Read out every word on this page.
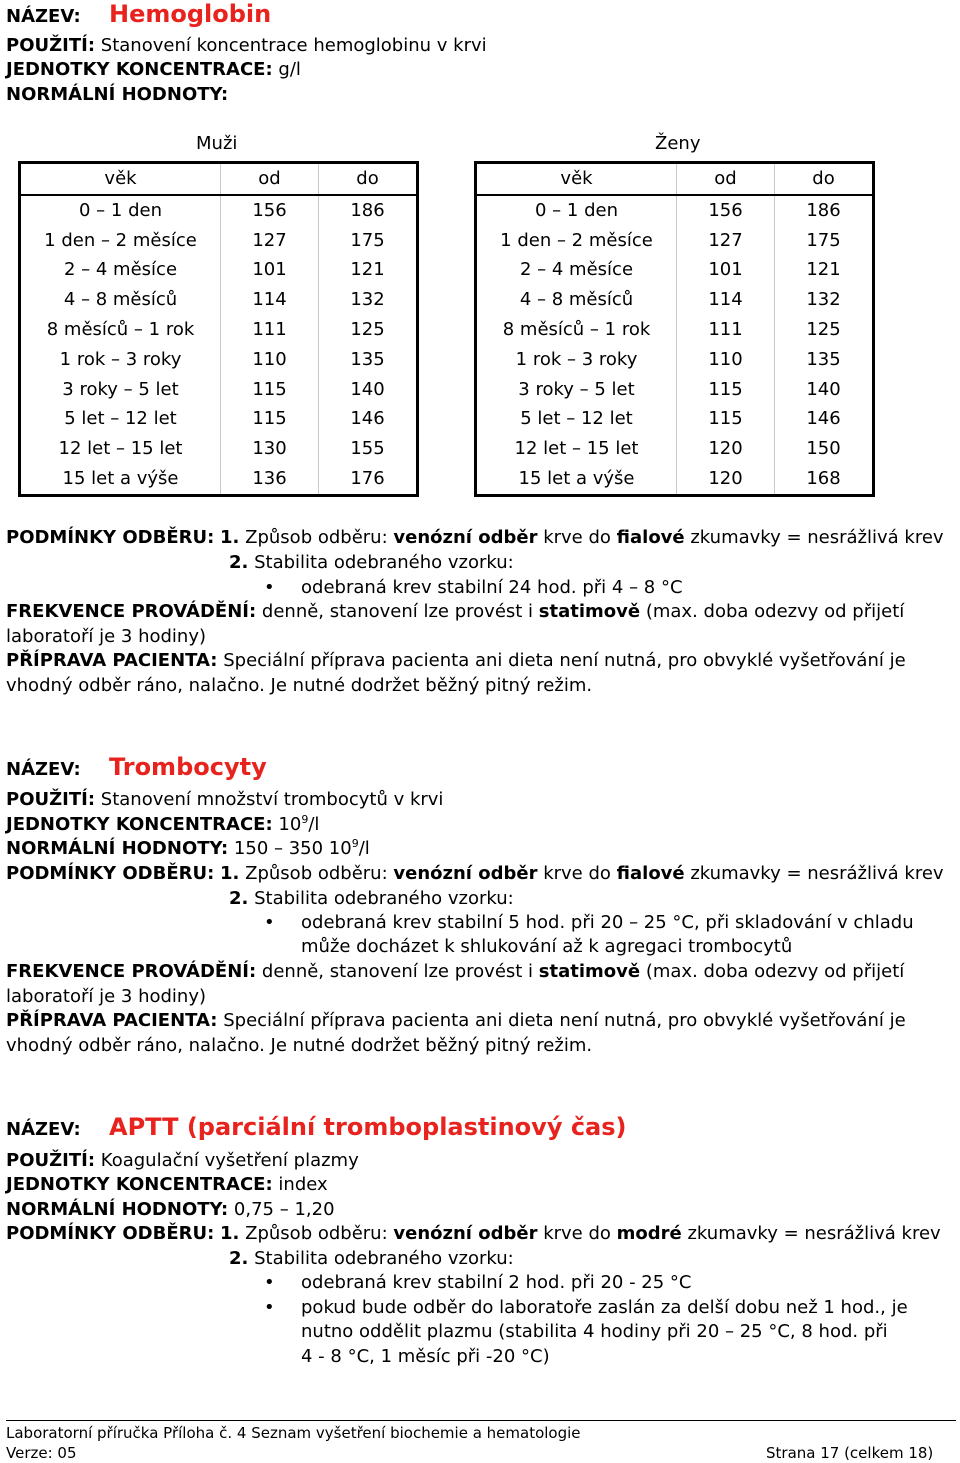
NÁZEV: Hemoglobin
POUŽITÍ: Stanovení koncentrace hemoglobinu v krvi
JEDNOTKY KONCENTRACE: g/l
NORMÁLNÍ HODNOTY:
Muži	Ženy
věk	od	do
0 – 1 den	156	186
1 den – 2 měsíce	127	175
2 – 4 měsíce	101	121
4 – 8 měsíců	114	132
8 měsíců – 1 rok	111	125
1 rok – 3 roky	110	135
3 roky – 5 let	115	140
5 let – 12 let	115	146
12 let – 15 let	130	155
15 let a výše	136	176
věk	od	do
0 – 1 den	156	186
1 den – 2 měsíce	127	175
2 – 4 měsíce	101	121
4 – 8 měsíců	114	132
8 měsíců – 1 rok	111	125
1 rok – 3 roky	110	135
3 roky – 5 let	115	140
5 let – 12 let	115	146
12 let – 15 let	120	150
15 let a výše	120	168
PODMÍNKY ODBĚRU: 1. Způsob odběru: venózní odběr krve do fialové zkumavky = nesrážlivá krev
2. Stabilita odebraného vzorku:
• odebraná krev stabilní 24 hod. při 4 – 8 °C
FREKVENCE PROVÁDĚNÍ: denně, stanovení lze provést i statimově (max. doba odezvy od přijetí
laboratoří je 3 hodiny)
PŘÍPRAVA PACIENTA: Speciální příprava pacienta ani dieta není nutná, pro obvyklé vyšetřování je
vhodný odběr ráno, nalačno. Je nutné dodržet běžný pitný režim.
NÁZEV: Trombocyty
POUŽITÍ: Stanovení množství trombocytů v krvi
JEDNOTKY KONCENTRACE: $10^9/l$
NORMÁLNÍ HODNOTY: 150 – 350 $10^9/l$
PODMÍNKY ODBĚRU: 1. Způsob odběru: venózní odběr krve do fialové zkumavky = nesrážlivá krev
2. Stabilita odebraného vzorku:
• odebraná krev stabilní 5 hod. při 20 – 25 °C, při skladování v chladu
může docházet k shlukování až k agregaci trombocytů
FREKVENCE PROVÁDĚNÍ: denně, stanovení lze provést i statimově (max. doba odezvy od přijetí
laboratoří je 3 hodiny)
PŘÍPRAVA PACIENTA: Speciální příprava pacienta ani dieta není nutná, pro obvyklé vyšetřování je
vhodný odběr ráno, nalačno. Je nutné dodržet běžný pitný režim.
NÁZEV: APTT (parciální tromboplastinový čas)
POUŽITÍ: Koagulační vyšetření plazmy
JEDNOTKY KONCENTRACE: index
NORMÁLNÍ HODNOTY: 0,75 – 1,20
PODMÍNKY ODBĚRU: 1. Způsob odběru: venózní odběr krve do modré zkumavky = nesrážlivá krev
2. Stabilita odebraného vzorku:
• odebraná krev stabilní 2 hod. při 20 - 25 °C
• pokud bude odběr do laboratoře zaslán za delší dobu než 1 hod., je
nutno oddělit plazmu (stabilita 4 hodiny při 20 – 25 °C, 8 hod. při
4 - 8 °C, 1 měsíc při -20 °C)
Laboratorní příručka Příloha č. 4 Seznam vyšetření biochemie a hematologie
Verze: 05	Strana 17 (celkem 18)
